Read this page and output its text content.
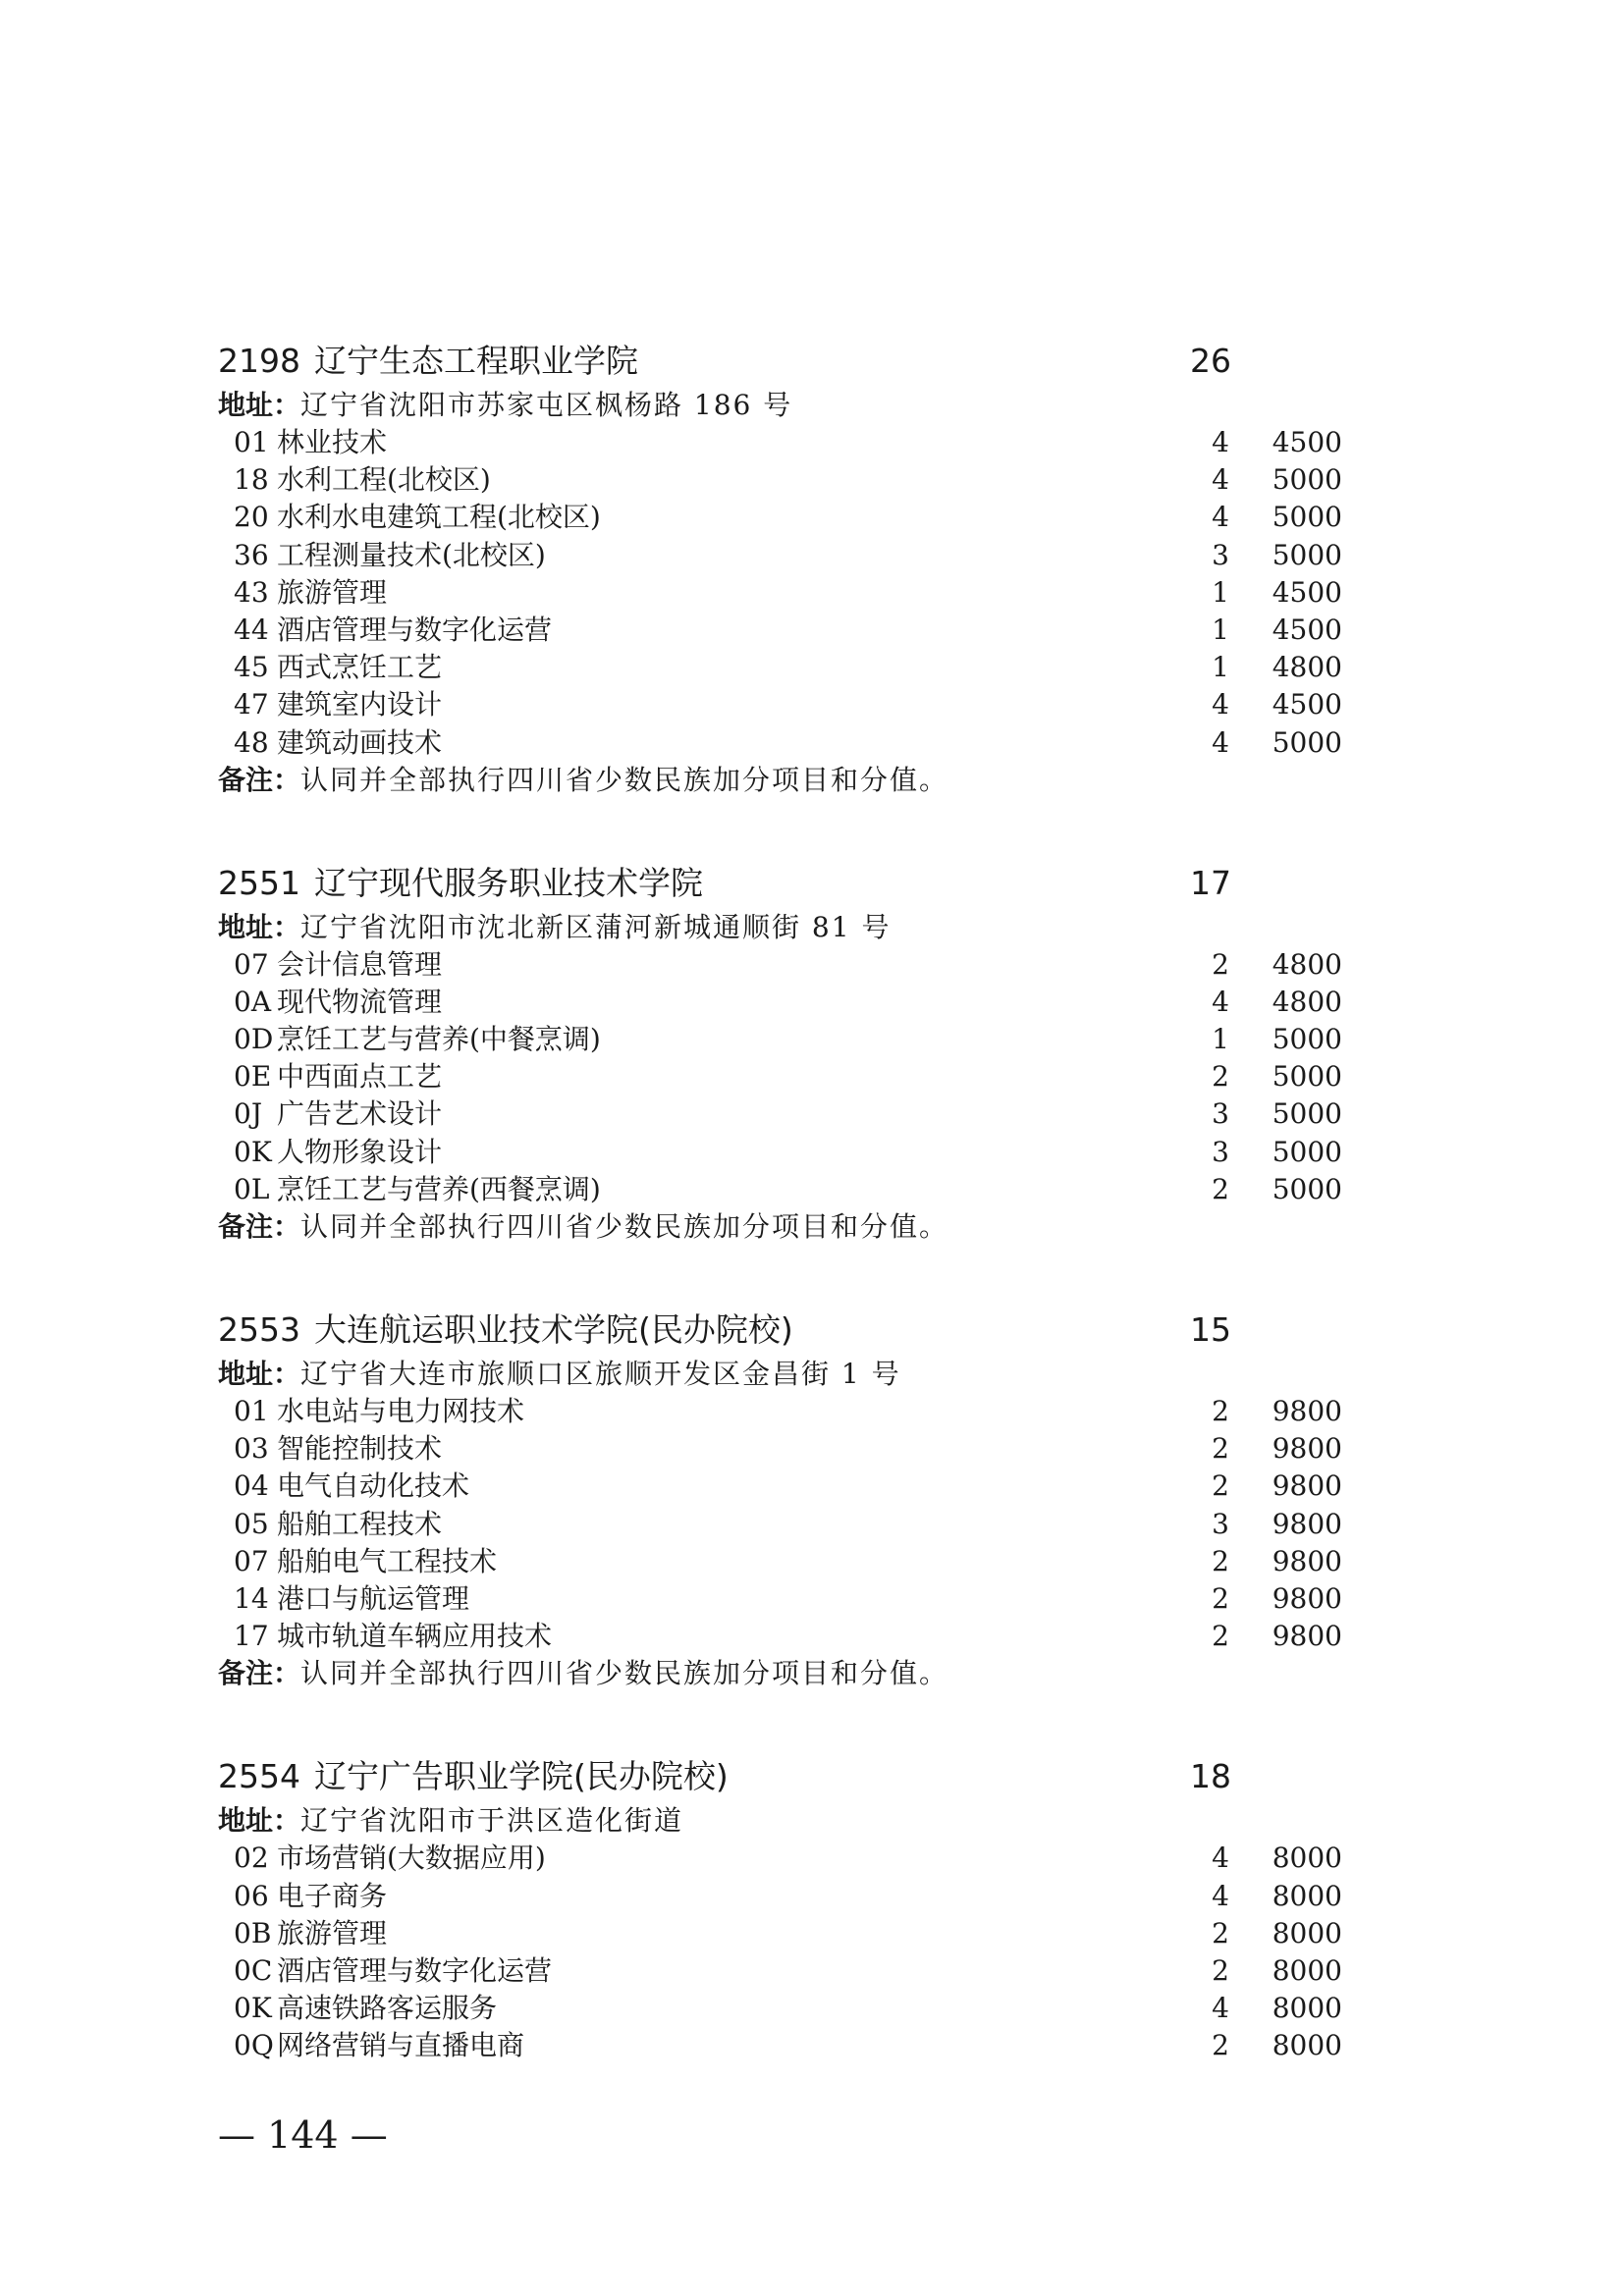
2198 辽宁生态工程职业学院	26
地址：辽宁省沈阳市苏家屯区枫杨路 186 号
01 林业技术	4	4500
18 水利工程(北校区)	4	5000
20 水利水电建筑工程(北校区)	4	5000
36 工程测量技术(北校区)	3	5000
43 旅游管理	1	4500
44 酒店管理与数字化运营	1	4500
45 西式烹饪工艺	1	4800
47 建筑室内设计	4	4500
48 建筑动画技术	4	5000
备注：认同并全部执行四川省少数民族加分项目和分值。
2551 辽宁现代服务职业技术学院	17
地址：辽宁省沈阳市沈北新区蒲河新城通顺街 81 号
07 会计信息管理	2	4800
0A 现代物流管理	4	4800
0D 烹饪工艺与营养(中餐烹调)	1	5000
0E 中西面点工艺	2	5000
0J 广告艺术设计	3	5000
0K 人物形象设计	3	5000
0L 烹饪工艺与营养(西餐烹调)	2	5000
备注：认同并全部执行四川省少数民族加分项目和分值。
2553 大连航运职业技术学院(民办院校)	15
地址：辽宁省大连市旅顺口区旅顺开发区金昌街 1 号
01 水电站与电力网技术	2	9800
03 智能控制技术	2	9800
04 电气自动化技术	2	9800
05 船舶工程技术	3	9800
07 船舶电气工程技术	2	9800
14 港口与航运管理	2	9800
17 城市轨道车辆应用技术	2	9800
备注：认同并全部执行四川省少数民族加分项目和分值。
2554 辽宁广告职业学院(民办院校)	18
地址：辽宁省沈阳市于洪区造化街道
02 市场营销(大数据应用)	4	8000
06 电子商务	4	8000
0B 旅游管理	2	8000
0C 酒店管理与数字化运营	2	8000
0K 高速铁路客运服务	4	8000
0Q 网络营销与直播电商	2	8000
— 144 —
